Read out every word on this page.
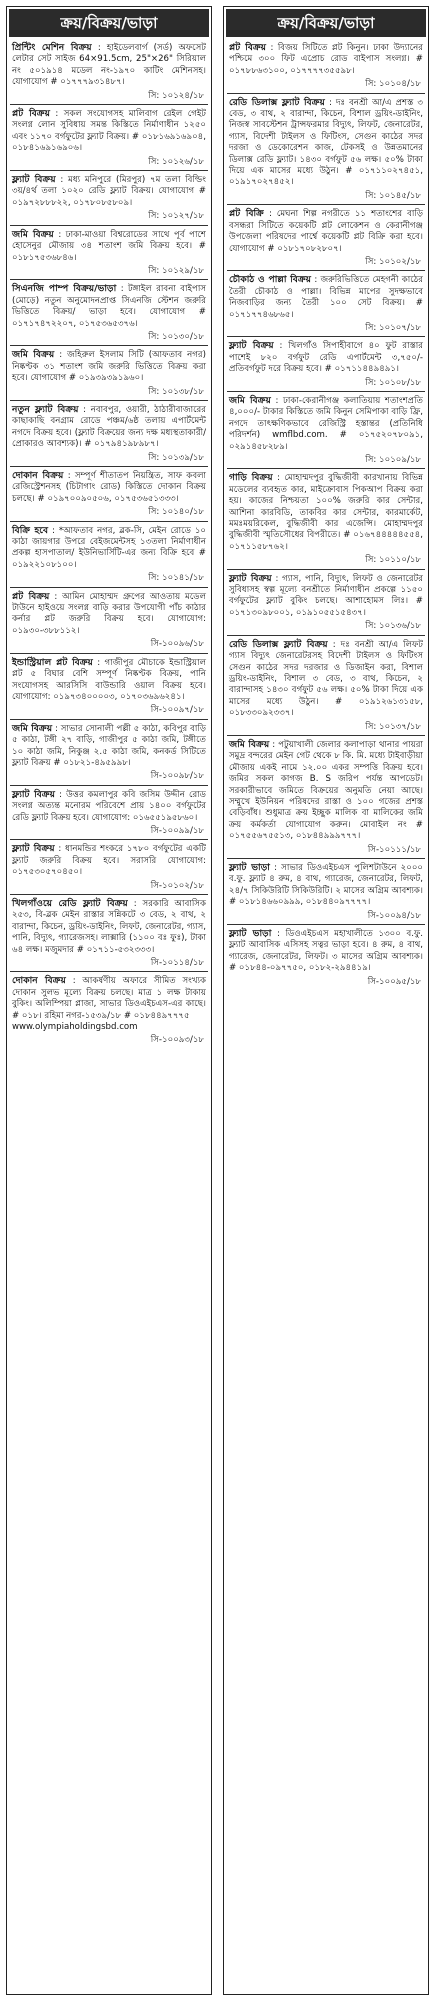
ক্রয়/বিক্রয়/ভাড়া
প্রিন্টিং মেশিন বিক্রয় : হাইডেলবার্গ (সর্ড) অফসেট লেটার সেট সাইজ 64×91.5cm, 25"×26" সিরিয়াল নং ৫০১৯১৪ মডেল নং-১৯৭০ কাটিং মেশিনসহ। যোগাযোগ # ০১৭৭৭৯৩১৪৮৭।
সি: ১০১২৪/১৮
প্লট বিক্রয় : সকল সংযোগসহ মালিবাগ রেইল গেইট সংলগ্ন লোন সুবিধায় সমন্ত কিস্তিতে নির্মাণাধীন ১২৫০ এবং ১১৭০ বর্গফুটের ফ্ল্যাট বিক্রয়। # ০১৮১৬৯১৬৯০৪, ০১৮৪১৬৯১৬৯০৬।
সি: ১০১২৬/১৮
ফ্ল্যাট বিক্রয় : মধ্য মনিপুরে (মিরপুর) ৭ম তলা বিল্ডিং ৩য়/৪র্থ তলা ১০২০ রেডি ফ্ল্যাট বিক্রয়। যোগাযোগ # ০১৯৭২৮৮৮২২, ০১৭৮০৮৫৮০৯।
সি: ১০১২৭/১৮
জমি বিক্রয় : ঢাকা-মাওয়া বিশ্বরোডের সাথে পূর্ব পাশে হোসেনুর মৌজায় ৩৪ শতাংশ জমি বিক্রয় হবে। # ০১৮১৭৫৩৬৮৪৬।
সি: ১০১২৯/১৮
সিএনজি পাম্প বিক্রয়/ভাড়া : টঙ্গাইল রাবনা বাইপাস (মোড়ে) নতুন অনুমোদনপ্রাপ্ত সিএনজি স্টেশন জরুরি ভিত্তিতে বিক্রয়/ ভাড়া হবে। যোগাযোগ # ০১৭১৭৪৭২২০৭, ০১৭৫৩৬৫৩৭৬।
সি: ১০১৩০/১৮
জমি বিক্রয় : জহিরুল ইসলাম সিটি (আফতাব নগর) নিষ্কণ্টক ৩১ শতাংশ জমি জরুরি ভিত্তিতে বিক্রয় করা হবে। যোগাযোগ # ০১৯৩৯৩৯১৯৬০।
সি: ১০১৩৮/১৮
নতুন ফ্ল্যাট বিক্রয় : নবাবপুর, ওয়ারী, ঠাঠারীবাজারের কাছাকাছি বনগ্রাম রোডে পঞ্চম/৬ষ্ঠ তলায় এপার্টমেন্ট নগদে বিক্রয় হবে। (ফ্ল্যাট বিক্রয়ের জন্য দক্ষ মধ্যস্থতাকারী/প্রোকারও আবশ্যক)। # ০১৭৯৪১৯৮৯৮৭।
সি: ১০১৩৯/১৮
দোকান বিক্রয় : সম্পূর্ণ শীতাতপ নিয়ন্ত্রিত, সাফ কবলা রেজিস্ট্রেশনসহ (চিটাগাং রোড) কিস্তিতে দোকান বিক্রয় চলছে। # ০১৯৭০০৯০৫০৬, ০১৭৫৩৬৫১৩৩৩।
সি: ১০১৪০/১৮
বিক্রি হবে : *আফতাব নগর, ব্লক-সি, মেইন রোডে ১০ কাঠা জায়গার উপরে বেইজমেন্টসহ ১৩তলা নির্মাণাধীন প্রকল্প হাসপাতাল/ ইউনিভার্সিটি-এর জন্য বিক্রি হবে # ০১৯২২১০৮১০০।
সি: ১০১৪১/১৮
প্লট বিক্রয় : আমিন মোহাম্মদ গ্রুপের আওতায় মডেল টাউনে হাইওয়ে সংলগ্ন বাড়ি করার উপযোগী পাঁচ কাঠার কর্নার প্লট জরুরি বিক্রয় হবে। যোগাযোগ: ০১৯৩০-৩৮৮১১২।
সি-১০০৯৬/১৮
ইন্ডাস্ট্রিয়াল প্লট বিক্রয় : গাজীপুর মৌচাকে ইন্ডাস্ট্রিয়াল প্লট ৫ বিঘার বেশি সম্পূর্ণ নিষ্কণ্টক বিক্রয়, পানি সংযোগসহ আরসিসি বাউন্ডারি ওয়াল বিক্রয় হবে। যোগাযোগ: ০১৯৭৩৪০০০০৩, ০১৭০৩৬৯৬২৪১।
সি-১০০৯৭/১৮
জমি বিক্রয় : সাভার সোনালী পল্লী ৫ কাঠা, কবিপুর বাড়ি ৫ কাঠা, টঙ্গী ২৭ বাড়ি, গাজীপুর ৫ কাঠা জমি, টঙ্গীতে ১০ কাঠা জমি, নিকুঞ্জ ২.৫ কাঠা জমি, কনকর্ড সিটিতে ফ্ল্যাট বিক্রয় # ০১৮২১-৪৯৫৯৯৮।
সি-১০০৯৮/১৮
ফ্ল্যাট বিক্রয় : উত্তর কমলাপুর কবি জসিম উদ্দীন রোড সংলগ্ন অত্যন্ত মনোরম পরিবেশে প্রায় ১৪০০ বর্গফুটের রেডি ফ্ল্যাট বিক্রয় হবে। যোগাযোগ: ০১৬৫৫১৯৫৮৬০।
সি-১০০৯৯/১৮
ফ্ল্যাট বিক্রয় : ধানমন্ডির শংকরে ১৭৮০ বর্গফুটের একটি ফ্ল্যাট জরুরি বিক্রয় হবে। সরাসরি যোগাযোগ: ০১৭৫৩০৫৭০৪৫০।
সি-১০১০২/১৮
খিলগাঁওয়ে রেডি ফ্ল্যাট বিক্রয় : সরকারি আবাসিক ২৫৩, বি-ব্লক মেইন রাস্তার সন্নিকটে ৩ বেড, ২ বাথ, ২ বারান্দা, কিচেন, ড্রয়িং-ডাইনিং, লিফট, জেনারেটর, গ্যাস, পানি, বিদ্যুৎ, গ্যারেজসহ। লাক্সারি (১১০০ বঃ ফুঃ), টাকা ৬৪ লক্ষ। মজুমদার # ০১৭১১-৫৩২৩৩৩।
সি-১০১১৪/১৮
দোকান বিক্রয় : আকর্ষণীয় অফারে সীমিত সংখ্যক দোকান সুলভ মূল্যে বিক্রয় চলছে। মাত্র ১ লক্ষ টাকায় বুকিং। অলিম্পিয়া প্লাজা, সাভার ডিওএইচএস-এর কাছে। # ০১৮। রহিমা নগর-১৫৩৯/১৮ # ০১৮৪৪৯৭৭৭৫
www.olympiaholdingsbd.com
সি-১০০৯৩/১৮
ক্রয়/বিক্রয়/ভাড়া
প্লট বিক্রয় : বিজয় সিটিতে প্লট কিনুন। ঢাকা উদ্যানের পশ্চিমে ৩০০ ফিট এপ্রোচ রোড বাইপাস সংলগ্ন। # ০১৭৮৮৬৩১০০, ০১৭৭৭৭৩৫৫৯৮।
সি: ১০১০৪/১৮
রেডি ডিলাক্স ফ্ল্যাট বিক্রয় : দঃ বনশ্রী আ/এ প্রশস্ত ৩ বেড, ৩ বাথ, ২ বারান্দা, কিচেন, বিশাল ড্রয়িং-ডাইনিং, নিজস্ব সাবস্টেশন ট্রান্সফরমার বিদ্যুৎ, লিফট, জেনারেটর, গ্যাস, বিদেশী টাইলস ও ফিটিংস, সেগুন কাঠের সদর দরজা ও ডেকোরেশন কাজ, টেকসই ও উন্নতমানের ডিলাক্স রেডি ফ্ল্যাট। ১৪৩০ বর্গফুট ৫৬ লক্ষ। ৫০% টাকা দিয়ে এক মাসের মধ্যে উঠুন। # ০১৭১১০২৭৪৫১, ০১৯১৭০২৭৪৫২।
সি: ১০১৪৫/১৮
প্লট বিক্রি : মেঘনা শিল্প নগরীতে ১১ শতাংশের বাড়ি বসন্ধরা সিটিতে কয়েকটি প্লট লোকেশন ও কেরানীগঞ্জ উপজেলা পরিষদের পার্শ্বে কয়েকটি প্লট বিক্রি করা হবে। যোগাযোগ # ০১৮১৭০৮২৮০৭।
সি: ১০১০২/১৮
চৌকাঠ ও পাল্লা বিক্রয় : জরুরিভিত্তিতে মেহগনী কাঠের তৈরী চৌকাঠ ও পাল্লা। বিভিন্ন মাপের সুদক্ষভাবে নিজবাড়ির জন্য তৈরী ১০০ সেট বিক্রয়। # ০১৭১৭৭৪৬৮৬৫।
সি: ১০১০৭/১৮
ফ্ল্যাট বিক্রয় : খিলগাঁও সিপাহীবাগে ৪০ ফুট রাস্তার পাশেই ৮২০ বর্গফুট রেডি এপার্টমেন্ট ৩,৭৫০/- প্রতিবর্গফুট দরে বিক্রয় হবে। # ০১৭১১৪৪৯৪৯১।
সি: ১০১০৮/১৮
জমি বিক্রয় : ঢাকা-কেরানীগঞ্জ কলাতিয়ায় শতাংশপ্রতি ৪,০০০/- টাকার কিস্তিতে জমি কিনুন সেমিপাকা বাড়ি ফ্রি, নগদে তাৎক্ষণিকভাবে রেজিস্ট্রি হস্তান্তর (প্রতিনিধি পরিদর্শন) wmflbd.com. # ০১৭৫২০৭৮০৯১, ০২৯১৪৫৮২৮৯।
সি: ১০১০৯/১৮
গাড়ি বিক্রয় : মোহাম্মদপুর বুদ্ধিজীবী কারখানায় বিভিন্ন মডেলের ব্যবহৃত কার, মাইক্রোবাস পিকআপ বিক্রয় করা হয়। কাজের নিশ্চয়তা ১০০% জরুরি কার সেন্টার, আশিনা কারবিডি, তাকবির কার সেন্টার, কারমার্কেট, মমঃময়রিকেল, বুদ্ধিজীবী কার এজেন্সি। মোহাম্মদপুর বুদ্ধিজীবী স্মৃতিসৌধের বিপরীতে। # ০১৬৭৪৪৪৪৪৫৫৪, ০১৭১১৫৮৭৬২।
সি: ১০১১০/১৮
ফ্ল্যাট বিক্রয় : গ্যাস, পানি, বিদ্যুৎ, লিফট ও জেনারেটর সুবিধাসহ স্বল্প মূল্যে বনশ্রীতে নির্মাণাধীন প্রকল্পে ১১৫০ বর্গফুটের ফ্ল্যাট বুকিং চলছে। আশাহোমস লিঃ। # ০১৭১৩০৯৮০০১, ০১৯১০৫৫১৫৪৩৭।
সি: ১০১৩৬/১৮
রেডি ডিলাক্স ফ্ল্যাট বিক্রয় : দঃ বনশ্রী আ/এ লিফট গ্যাস বিদ্যুৎ জেনারেটরসহ বিদেশী টাইলস ও ফিটিংস সেগুন কাঠের সদর দরজার ও ডিজাইন করা, বিশাল ড্রয়িং-ডাইনিং, বিশাল ৩ বেড, ৩ বাথ, কিচেন, ২ বারান্দাসহ ১৪৩০ বর্গফুট ৫৬ লক্ষ। ৫০% টাকা দিয়ে এক মাসের মধ্যে উঠুন। # ০১৯১২৬১৩১৫৮, ০১৮৩৩০৯২৩৩৭।
সি: ১০১৩৭/১৮
জমি বিক্রয় : পটুয়াখালী জেলার কলাপাড়া থানার পায়রা সমুদ্র বন্দরের মেইন গেট থেকে ৮ কি. মি. মধ্যে টাইবাড়ীয়া মৌজায় একই নামে ১২.০০ একর সম্পত্তি বিক্রয় হবে। জমির সকল কাগজ B. S জরিপ পর্যন্ত আপডেট। সরকারীভাবে জমিতে বিক্রয়ের অনুমতি নেয়া আছে। সম্মুখে ইউনিয়ন পরিষদের রাস্তা ও ১০০ গজের প্রশস্ত বেড়িবাঁধ। শুধুমাত্র ক্রয় ইচ্ছুক মালিক বা মালিকের জমি ক্রয় কর্মকর্তা যোগাযোগ করুন। মোবাইল নং # ০১৭৫৫৬৭৫৫১৩, ০১৮৪৪৯৯৯৭৭৭।
সি-১০১১১/১৮
ফ্ল্যাট ভাড়া : সাভার ডিওএইচএস পুলিশটাউনে ২০০০ ব.ফু. ফ্ল্যাট ৪ রুম, ৪ বাথ, গ্যারেজ, জেনারেটর, লিফট, ২৪/৭ সিকিউরিটি সিকিউরিটি। ২ মাসের অগ্রিম আবশ্যক। # ০১৮১৪৬৬০৯৯৯, ০১৮৪৪০৯৭৭৭৭।
সি-১০০৯৪/১৮
ফ্ল্যাট ভাড়া : ডিওএইচএস মহাখালীতে ১৩০০ ব.ফু. ফ্ল্যাট আবাসিক এসিসহ সত্বর ভাড়া হবে। ৪ রুম, ৪ বাথ, গ্যারেজ, জেনারেটর, লিফট। ৩ মাসের অগ্রিম আবশ্যক। # ০১৮৪৪-০৯৭৭৫০, ০১৮২-২৯৪৪১৯।
সি-১০০৯৫/১৮
